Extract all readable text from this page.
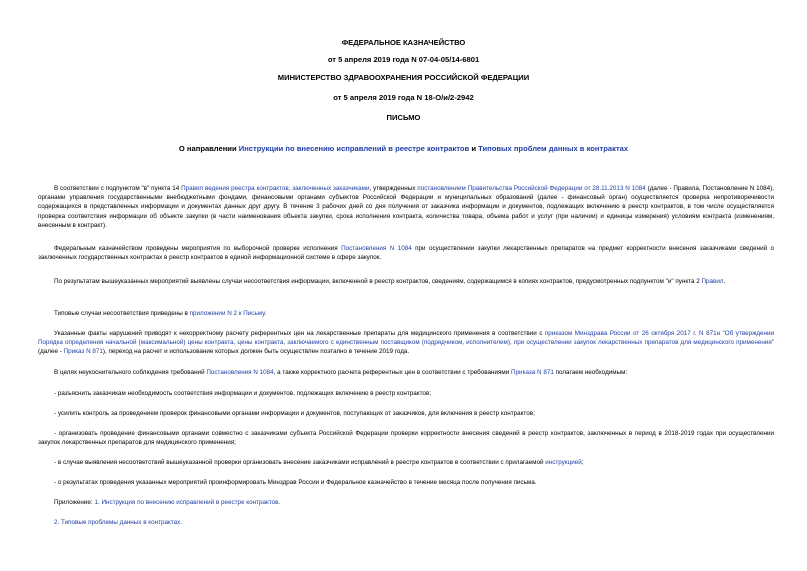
ФЕДЕРАЛЬНОЕ КАЗНАЧЕЙСТВО
от 5 апреля 2019 года N 07-04-05/14-6801
МИНИСТЕРСТВО ЗДРАВООХРАНЕНИЯ РОССИЙСКОЙ ФЕДЕРАЦИИ
от 5 апреля 2019 года N 18-О/и/2-2942
ПИСЬМО
О направлении Инструкции по внесению исправлений в реестре контрактов и Типовых проблем данных в контрактах
В соответствии с подпунктом "в" пункта 14 Правил ведения реестра контрактов, заключенных заказчиками, утвержденных постановлением Правительства Российской Федерации от 28.11.2013 N 1084 (далее - Правила, Постановление N 1084), органами управления государственными внебюджетными фондами, финансовыми органами субъектов Российской Федерации и муниципальных образований (далее - финансовый орган) осуществляется проверка непротиворечивости содержащихся в представленных информации и документах данных друг другу. В течение 3 рабочих дней со дня получения от заказчика информации и документов, подлежащих включению в реестр контрактов, в том числе осуществляется проверка соответствия информации об объекте закупки (в части наименования объекта закупки, срока исполнения контракта, количества товара, объема работ и услуг (при наличии) и единицы измерения) условиям контракта (изменениям, внесенным в контракт).
Федеральным казначейством проведены мероприятия по выборочной проверке исполнения Постановления N 1084 при осуществлении закупки лекарственных препаратов на предмет корректности внесения заказчиками сведений о заключенных государственных контрактах в реестр контрактов в единой информационной системе в сфере закупок.
По результатам вышеуказанных мероприятий выявлены случаи несоответствия информации, включенной в реестр контрактов, сведениям, содержащимся в копиях контрактов, предусмотренных подпунктом "и" пункта 2 Правил.
Типовые случаи несоответствия приведены в приложении N 2 к Письму.
Указанные факты нарушений приводят к некорректному расчету референтных цен на лекарственные препараты для медицинского применения в соответствии с приказом Минздрава России от 26 октября 2017 г. N 871н "Об утверждении Порядка определения начальной (максимальной) цены контракта, цены контракта, заключаемого с единственным поставщиком (подрядчиком, исполнителем), при осуществлении закупок лекарственных препаратов для медицинского применения" (далее - Приказ N 871), переход на расчет и использование которых должен быть осуществлен поэтапно в течение 2019 года.
В целях неукоснительного соблюдения требований Постановления N 1084, а также корректного расчета референтных цен в соответствии с требованиями Приказа N 871 полагаем необходимым:
- разъяснить заказчикам необходимость соответствия информации и документов, подлежащих включению в реестр контрактов;
- усилить контроль за проведением проверок финансовыми органами информации и документов, поступающих от заказчиков, для включения в реестр контрактов;
- организовать проведение финансовыми органами совместно с заказчиками субъекта Российской Федерации проверки корректности внесения сведений в реестр контрактов, заключенных в период в 2018-2019 годах при осуществлении закупок лекарственных препаратов для медицинского применения;
- в случае выявления несоответствий вышеуказанной проверки организовать внесение заказчиками исправлений в реестре контрактов в соответствии с прилагаемой инструкцией;
- о результатах проведения указанных мероприятий проинформировать Минздрав России и Федеральное казначейство в течение месяца после получения письма.
Приложение: 1. Инструкция по внесению исправлений в реестре контрактов.
2. Типовые проблемы данных в контрактах.
